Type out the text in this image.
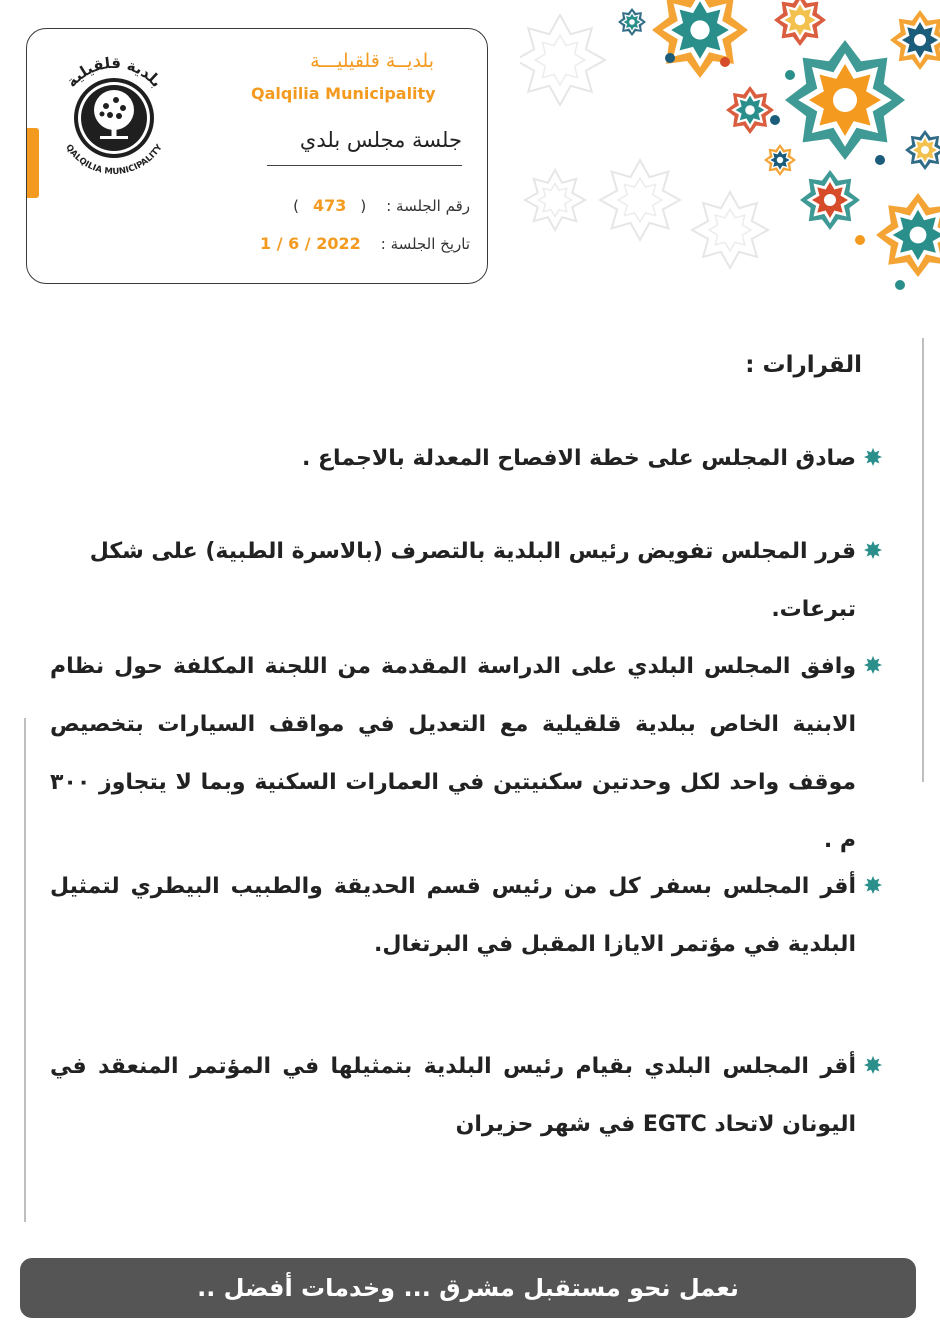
بلدية قلقيلية
QALQILIA MUNICIPALITY
بلديــة قلقيليـــة
Qalqilia Municipality
جلسة مجلس بلدي
رقم الجلسة :
(
473
)
تاريخ الجلسة :
1 / 6 / 2022
القرارات :
صادق المجلس على خطة الافصاح المعدلة بالاجماع .
قرر المجلس تفويض رئيس البلدية بالتصرف (بالاسرة الطبية) على شكل تبرعات.
وافق المجلس البلدي على الدراسة المقدمة من اللجنة المكلفة حول نظام الابنية الخاص ببلدية قلقيلية مع التعديل في مواقف السيارات بتخصيص موقف واحد لكل وحدتين سكنيتين في العمارات السكنية وبما لا يتجاوز ٣٠٠ م .
أقر المجلس بسفر كل من رئيس قسم الحديقة والطبيب البيطري لتمثيل البلدية في مؤتمر الايازا المقبل في البرتغال.
أقر المجلس البلدي بقيام رئيس البلدية بتمثيلها في المؤتمر المنعقد في اليونان لاتحاد EGTC في شهر حزيران
نعمل نحو مستقبل مشرق ... وخدمات أفضل ..
